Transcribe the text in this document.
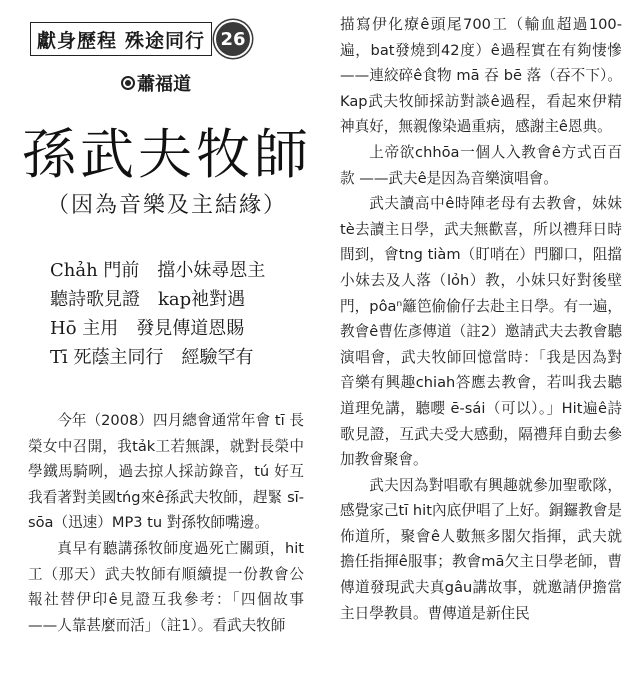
獻身歷程 殊途同行 26
蕭福道
孫武夫牧師
（因為音樂及主結緣）
Chảh 門前　擋小妹尋恩主
聽詩歌見證　kap祂對遇
Hō 主用　發見傳道恩賜
Tī 死蔭主同行　經驗罕有

今年（2008）四月總會通常年會 tī 長榮女中召開，我tảk工若無課，就對長榮中學鐵馬騎咧，過去掠人採訪錄音，tú 好互我看著對美國tńg來ê孫武夫牧師，趕緊 sī-sōa（迅速）MP3 tu 對孫牧師嘴邊。

真早有聽講孫牧師度過死亡關頭，hit 工（那天）武夫牧師有順續提一份教會公報社替伊印ê見證互我參考：「四個故事——人靠甚麼而活」（註1）。看武夫牧師

描寫伊化療ê頭尾700工（輸血超過100-遍，bat發燒到42度）ê過程實在有夠悽慘——連絞碎ê食物 mā 吞 bē 落（吞不下）。Kap武夫牧師採訪對談ê過程，看起來伊精神真好，無親像染過重病，感謝主ê恩典。

上帝欲chhōa一個人入教會ê方式百百款 ——武夫ê是因為音樂演唱會。

武夫讀高中ê時陣老母有去教會，妹妹tè去讀主日學，武夫無歡喜，所以禮拜日時間到，會tng tiàm（盯哨在）門腳口，阻擋小妹去及人落（lỏh）教，小妹只好對後壁門，pôaⁿ籬笆偷偷仔去赴主日學。有一遍，教會ê曹佐彥傳道（註2）邀請武夫去教會聽演唱會，武夫牧師回憶當時：「我是因為對音樂有興趣chiah答應去教會，若叫我去聽道理免講，聽嚶 ē-sái（可以）。」Hit遍ê詩歌見證，互武夫受大感動，隔禮拜自動去參加教會聚會。

武夫因為對唱歌有興趣就參加聖歌隊，感覺家己tī hit內底伊唱了上好。銅鑼教會是佈道所，聚會ê人數無多閣欠指揮，武夫就擔任指揮ê服事；教會mā欠主日學老師，曹傳道發現武夫真gâu講故事，就邀請伊擔當主日學教員。曹傳道是新住民
